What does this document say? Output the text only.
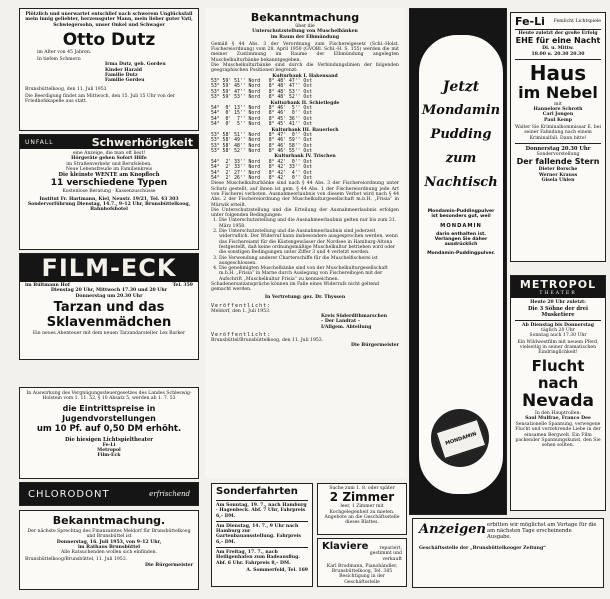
Plötzlich und unerwartet entschlief nach schwerem Unglücksfall mein innig geliebter, herzensguter Mann, mein lieber guter Vati, Schwiegersohn, unser Onkel und Schwager
Otto Dutz
im Alter von 45 Jahren.
In tiefem Schmerz:
Irma Dutz, geb. Gordeu
Kinder Harald
Familie Dutz
Familie Gordeu
Brunsbüttelkoog, den 11. Juli 1953
Die Beerdigung findet am Mittwoch, den 15. Juli 15 Uhr von der Friedhofskapelle aus statt.
UNFALL	Schwerhörigkeit
eine Anzeige, die man oft liest!
Hörgeräte gehen Sofort Hilfe
im Straßenverkehr und Berufsleben.
Neue Lebensfreude im Familienkreis
Die kleinste WENTE am Knopfloch
11 verschiedene Typen
Kostenlose Beratung · Kassenzuschüsse
Institut Fr. Hartmann, Kiel, Neustr. 19/21, Tel. 43 303
Sondervorführung Dienstag, 14.7., 9–12 Uhr, Brunsbüttelkoog, Bahnhofshotel
FILM-ECK
im Bültmann Hof	Tel. 359
Dienstag 20 Uhr, Mittwoch 17.30 und 20 Uhr
Donnerstag um 20.30 Uhr
Tarzan und das Sklavenmädchen
Ein neues Abenteuer mit dem neuen Tarzandarsteller Lex Barker
In Auswirkung des Vergnügungssteuergesetzes des Landes Schleswig-Holstein vom 1. 11. 52, § 10 Absatz 5, werden ab 1. 7. 53
die Eintrittspreise in Jugendvorstellungen
um 10 Pf. auf 0,50 DM erhöht.
Die hiesigen Lichtspieltheater
Fe-Li
Metropol
Film-Eck
CHLORODONT	erfrischend
Bekanntmachung.
Der nächste Sprechtag des Finanzamtes Meldorf für Brunsbüttelkoog und Brunsbüttel ist
Donnerstag, 16. Juli 1953, von 9–12 Uhr,
im Rathaus Brunsbüttel
Alle Ratsuchenden wollen sich einfinden.
Brunsbüttelkoog/Brunsbüttel, 11. Juli 1953.
Die Bürgermeister
Bekanntmachung
über die
Unterschutzstellung von Muschelbänken
im Raum der Elbmündung
Gemäß § 44 Abs. 3 der Verordnung zum Fischereigesetz (Schl.-Holst. Fischereiordnung) vom 28. April 1950 (GVOBl. Schl.-H. S. 155) werden die mit meiner Zustimmung im Raume der Elbmündung angelegten Muschelkulturbänke bekanntgegeben.
Die Muschelkulturbänke sind durch die Verbindungslinien der folgenden geographischen Positionen begrenzt:
Kulturbank I. Hakensand
53° 59' 51'' Nord   8° 48' 47'' Ost
53° 59' 45'' Nord   8° 48' 47'' Ost
53° 59' 47'' Nord   8° 48' 53'' Ost
53° 59' 53'' Nord   8° 48' 52'' Ost
Kulturbank II. Schietlegde
54°  0' 13'' Nord   8° 46'  5'' Ost
54°  0' 15'' Nord   8° 46'  0'' Ost
54°  0'  7'' Nord   8° 45' 36'' Ost
54°  0'  5'' Nord   8° 45' 41'' Ost
Kulturbank III. Bauerloch
53° 58' 51'' Nord   8° 47'  0'' Ost
53° 58' 49'' Nord   8° 46' 59'' Ost
53° 58' 48'' Nord   8° 46' 58'' Ost
53° 58' 52'' Nord   8° 46' 55'' Ost
Kulturbank IV. Trischen
54°  2' 33'' Nord   8° 42'  0'' Ost
54°  2' 33'' Nord   8° 42' 33'' Ost
54°  2' 27'' Nord   8° 42'  4'' Ost
54°  2' 26'' Nord   8° 42'  0'' Ost
Diese Muschelkulturbänke sind nach § 44 Abs. 3 der Fischereiordnung unter Schutz gestellt, auf ihnen ist gem. § 44 Abs. 1 der Fischereiordnung jede Art von Fischerei verboten. Ausnahmeerlaubnis von diesem Verbot wird nach § 44 Abs. 2 der Fischereiordnung der Muschelkulturgesellschaft m.b.H. „Frisia“ in Mürwik erteilt.
Die Unterschutzstellung und die Erteilung der Ausnahmeerlaubnis erfolgen unter folgenden Bedingungen:
1. Die Unterschutzstellung und die Ausnahmeerlaubnis gelten nur bis zum 31. März 1958.
2. Die Unterschutzstellung und die Ausnahmeerlaubnis sind jederzeit widerruflich. Der Widerruf kann insbesondere ausgesprochen werden, wenn das Fischereiamt für die Küstengewässer der Nordsee in Hamburg-Altona festgestellt, daß keine ordnungsmäßige Muschelkultur betrieben wird oder die sonstigen Bedingungen unter Ziffer 3 und 4 verletzt werden.
3. Die Verwendung anderer Charterschiffe für die Muschelfischerei ist ausgeschlossen.
4. Die genehmigten Muschelbänke sind von der Muschelkulturgesellschaft m.b.H. „Frisia“ in Marne durch Auslegung von Fischereibojen mit der Aufschrift „Muschelkultur Frisia“ zu kennzeichnen.
Schadenersatzansprüche können im Falle eines Widerrufs nicht geltend gemacht werden.
In Vertretung: gez. Dr. Thyssen
Veröffentlicht:
Meldorf, den 1. Juli 1953.
Kreis Süderdithmarschen
– Der Landrat –
I/Allgem. Abteilung
Veröffentlicht:
Brunsbüttel/Brunsbüttelkoog, den 11. Juli 1953.
Die Bürgermeister
Sonderfahrten
Am Sonntag, 19. 7., nach Hamburg · Hagenbeck. Abf. 7 Uhr, Fahrpreis 6,– DM.
Am Dienstag, 14. 7., 9 Uhr nach Hamburg zur Gartenbauausstellung. Fahrpreis 6,– DM.
Am Freitag, 17. 7., nach Heiligenhafen zum Badeausflug. Abf. 6 Uhr. Fahrpreis 8,– DM.
A. Sommerfeld, Tel. 169
Suche zum 1. 8. oder später
2 Zimmer
leer, 1 Zimmer mit Kochgelegenheit zu mieten.
Angebote an die Geschäftsstelle dieses Blattes.
Klaviere	repariert, gestimmt und verkauft
Karl Brodmann, Pianohändler, Brunsbüttelkoog, Tel. 385
Besichtigung in der Geschäftsstelle
Jetzt
Mondamin
Pudding
zum
Nachtisch
Mondamin-Puddingpulver ist besonders gut, weil
MONDAMIN
darin enthalten ist. Verlangen Sie daher ausdrücklich
Mondamin-Puddingpulver.
MONDAMIN
Fe-Li Femlicht Lichtspiele
Heute zuletzt der große Erfolg
EHE für eine Nacht
Di. u. Mittw.
18.00 u. 20.30 20.30
Haus
im Nebel
mit
Hannelore Schroth
Carl Jongen
Paul Kemp
Walter Sie Kriminalkommissar E. bei seiner Fahndung nach einem Kriminalfall. Dann bitte!
Donnerstag 20.30 Uhr
Sondervorstellung
Der fallende Stern
Dieter Borsche
Werner Krauss
Gisela Uhlen
METROPOL
THEATER
Heute 20 Uhr zuletzt:
Die 3 Söhne der drei Musketiere
Ab Dienstag bis Donnerstag
täglich 20 Uhr
Sonntag auch 17.30 Uhr
Ein Wildwestfilm mit neuem Pferd, vielseitig in seiner dramatischen Eindringlichkeit!
Flucht nach
Nevada
In den Hauptrollen:
Saul Mulfrae, Franco Dee
Sensationelle Spannung, verwegene Flucht und verzehrende Liebe in der einsamen Bergwelt. Ein Film packender Spannungskunst, den Sie sehen sollten.
Anzeigen erbitten wir möglichst am Vortage für die am nächsten Tage erscheinende Ausgabe.
Geschäftsstelle der „Brunsbüttelkooger Zeitung“
